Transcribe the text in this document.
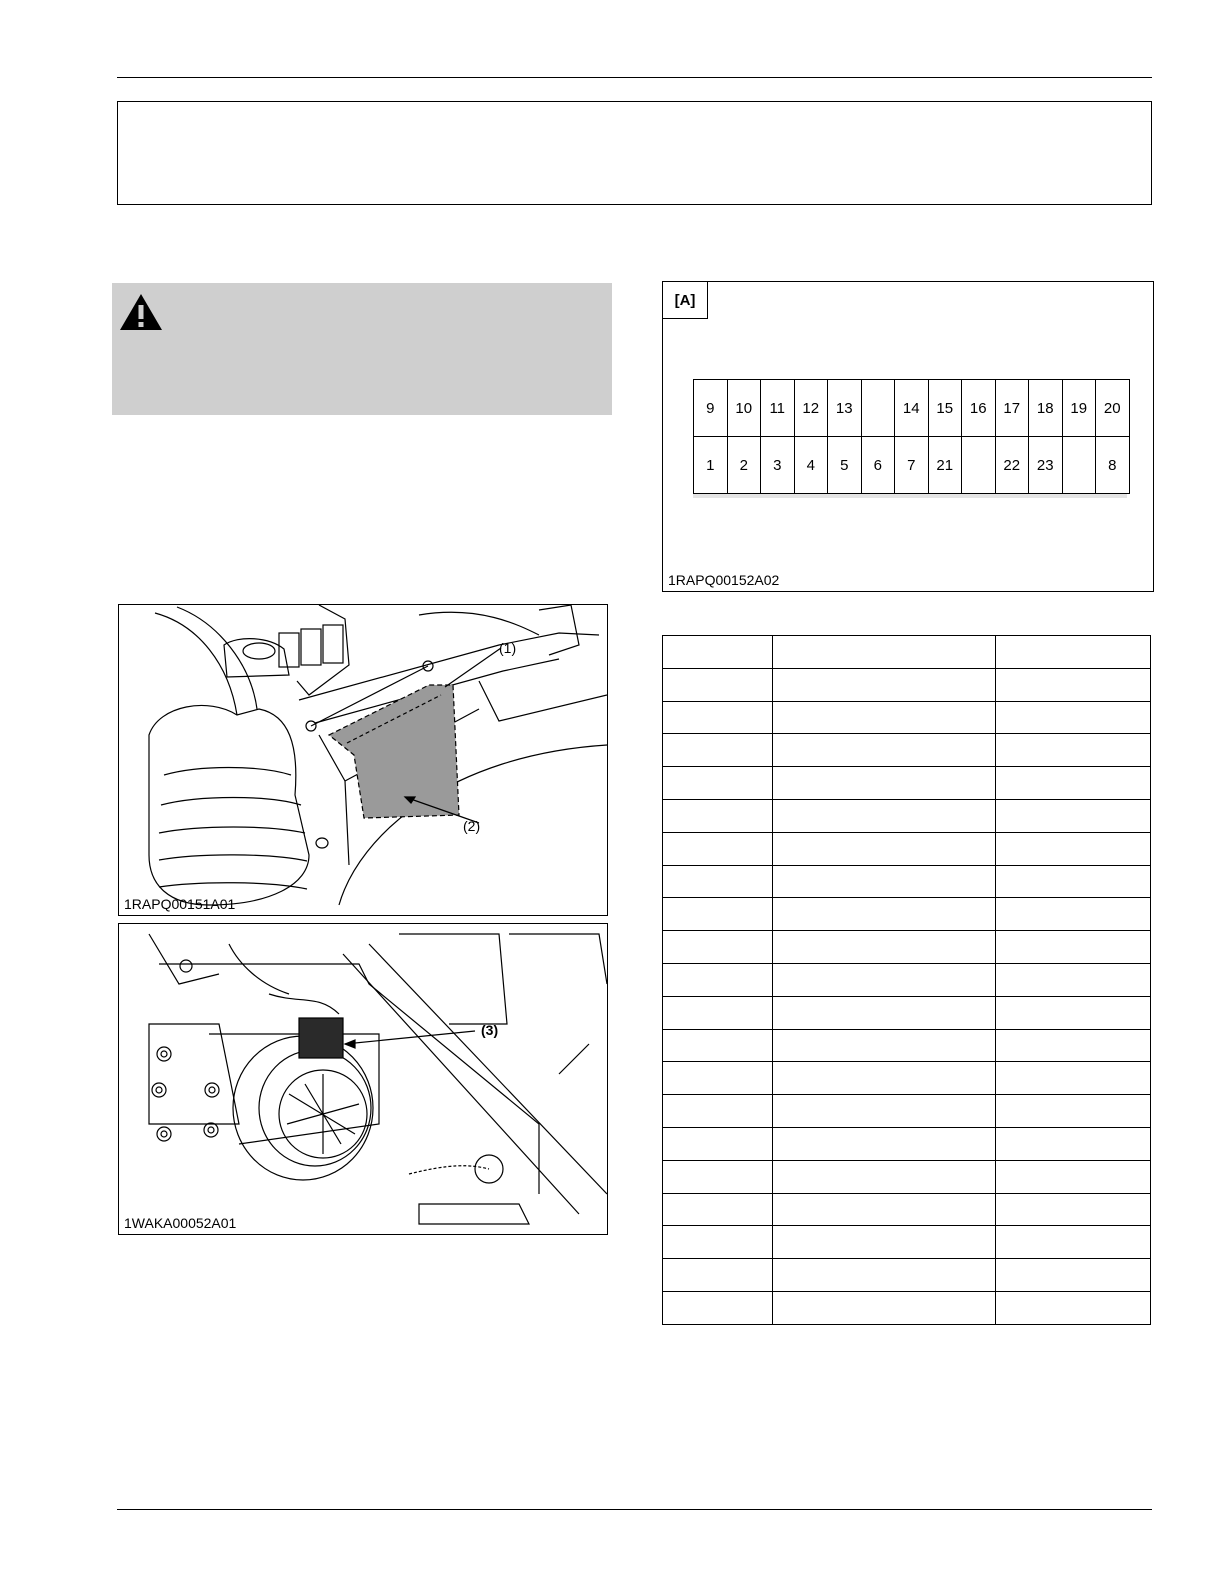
(1)
(2)
1RAPQ00151A01
(3)
1WAKA00052A01
[A]
9	10	11	12	13		14	15	16	17	18	19	20
1	2	3	4	5	6	7	21		22	23		8
1RAPQ00152A02
